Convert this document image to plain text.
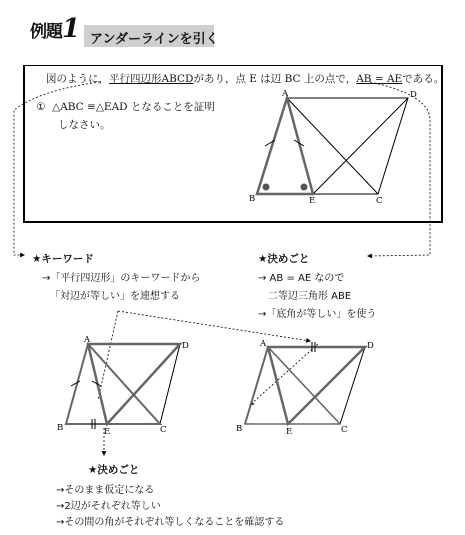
例題1 アンダーラインを引く
図のように，平行四辺形ABCDがあり，点 E は辺 BC 上の点で，AB = AEである。
① △ABC ≡△EAD となることを証明
しなさい。
★キーワード
→「平行四辺形」のキーワードから
「対辺が等しい」を連想する
★決めごと
→ AB = AE なので
二等辺三角形 ABE
→「底角が等しい」を使う
★決めごと
→そのまま仮定になる
→2辺がそれぞれ等しい
→その間の角がそれぞれ等しくなることを確認する
A	D
B	E	C
A
D
B	E	C
A	D
B	E	C
